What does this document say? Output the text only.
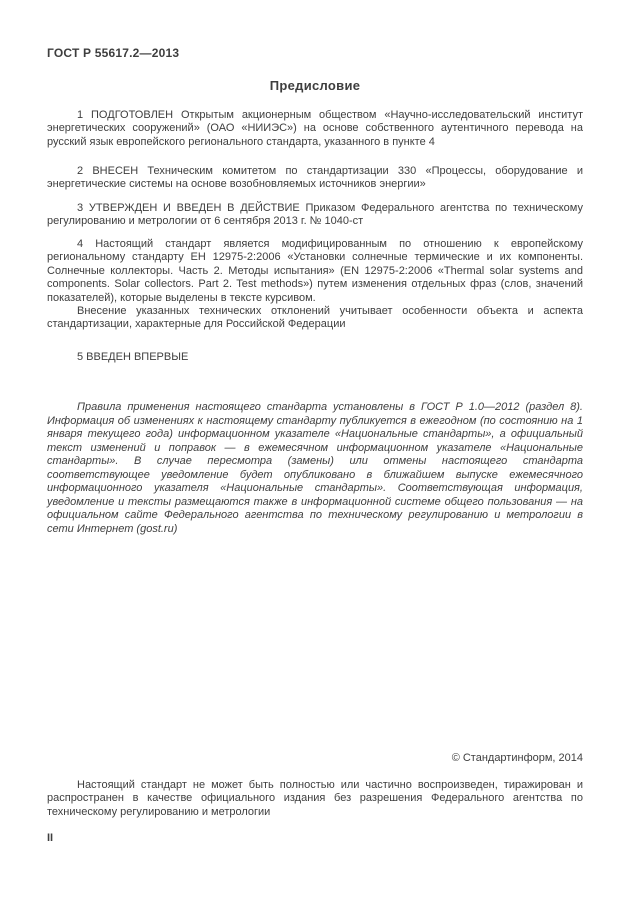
ГОСТ Р 55617.2—2013
Предисловие

1 ПОДГОТОВЛЕН Открытым акционерным обществом «Научно-исследовательский институт энергетических сооружений» (ОАО «НИИЭС») на основе собственного аутентичного перевода на русский язык европейского регионального стандарта, указанного в пункте 4

2 ВНЕСЕН Техническим комитетом по стандартизации 330 «Процессы, оборудование и энергетические системы на основе возобновляемых источников энергии»

3 УТВЕРЖДЕН И ВВЕДЕН В ДЕЙСТВИЕ Приказом Федерального агентства по техническому регулированию и метрологии от 6 сентября 2013 г. № 1040-ст

4 Настоящий стандарт является модифицированным по отношению к европейскому региональному стандарту ЕН 12975-2:2006 «Установки солнечные термические и их компоненты. Солнечные коллекторы. Часть 2. Методы испытания» (EN 12975-2:2006 «Thermal solar systems and components. Solar collectors. Part 2. Test methods») путем изменения отдельных фраз (слов, значений показателей), которые выделены в тексте курсивом.

Внесение указанных технических отклонений учитывает особенности объекта и аспекта стандартизации, характерные для Российской Федерации

5 ВВЕДЕН ВПЕРВЫЕ

Правила применения настоящего стандарта установлены в ГОСТ Р 1.0—2012 (раздел 8). Информация об изменениях к настоящему стандарту публикуется в ежегодном (по состоянию на 1 января текущего года) информационном указателе «Национальные стандарты», а официальный текст изменений и поправок — в ежемесячном информационном указателе «Национальные стандарты». В случае пересмотра (замены) или отмены настоящего стандарта соответствующее уведомление будет опубликовано в ближайшем выпуске ежемесячного информационного указателя «Национальные стандарты». Соответствующая информация, уведомление и тексты размещаются также в информационной системе общего пользования — на официальном сайте Федерального агентства по техническому регулированию и метрологии в сети Интернет (gost.ru)

© Стандартинформ, 2014

Настоящий стандарт не может быть полностью или частично воспроизведен, тиражирован и распространен в качестве официального издания без разрешения Федерального агентства по техническому регулированию и метрологии

II
